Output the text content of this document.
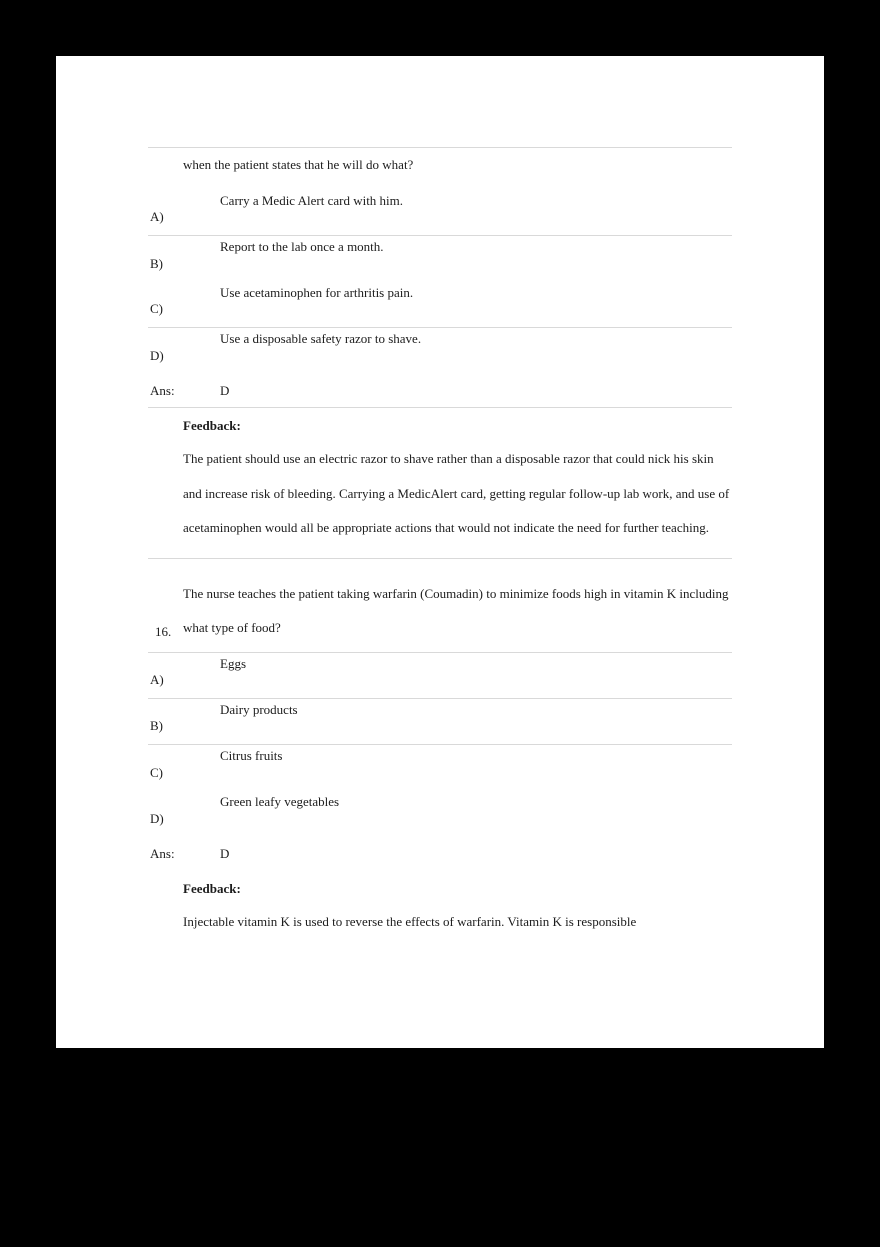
when the patient states that he will do what?
A)
Carry a Medic Alert card with him.
B)
Report to the lab once a month.
C)
Use acetaminophen for arthritis pain.
D)
Use a disposable safety razor to shave.
Ans:	D
Feedback:
The patient should use an electric razor to shave rather than a disposable razor that could nick his skin and increase risk of bleeding. Carrying a MedicAlert card, getting regular follow-up lab work, and use of acetaminophen would all be appropriate actions that would not indicate the need for further teaching.
16.
The nurse teaches the patient taking warfarin (Coumadin) to minimize foods high in vitamin K including what type of food?
A)
Eggs
B)
Dairy products
C)
Citrus fruits
D)
Green leafy vegetables
Ans:	D
Feedback:
Injectable vitamin K is used to reverse the effects of warfarin. Vitamin K is responsible
